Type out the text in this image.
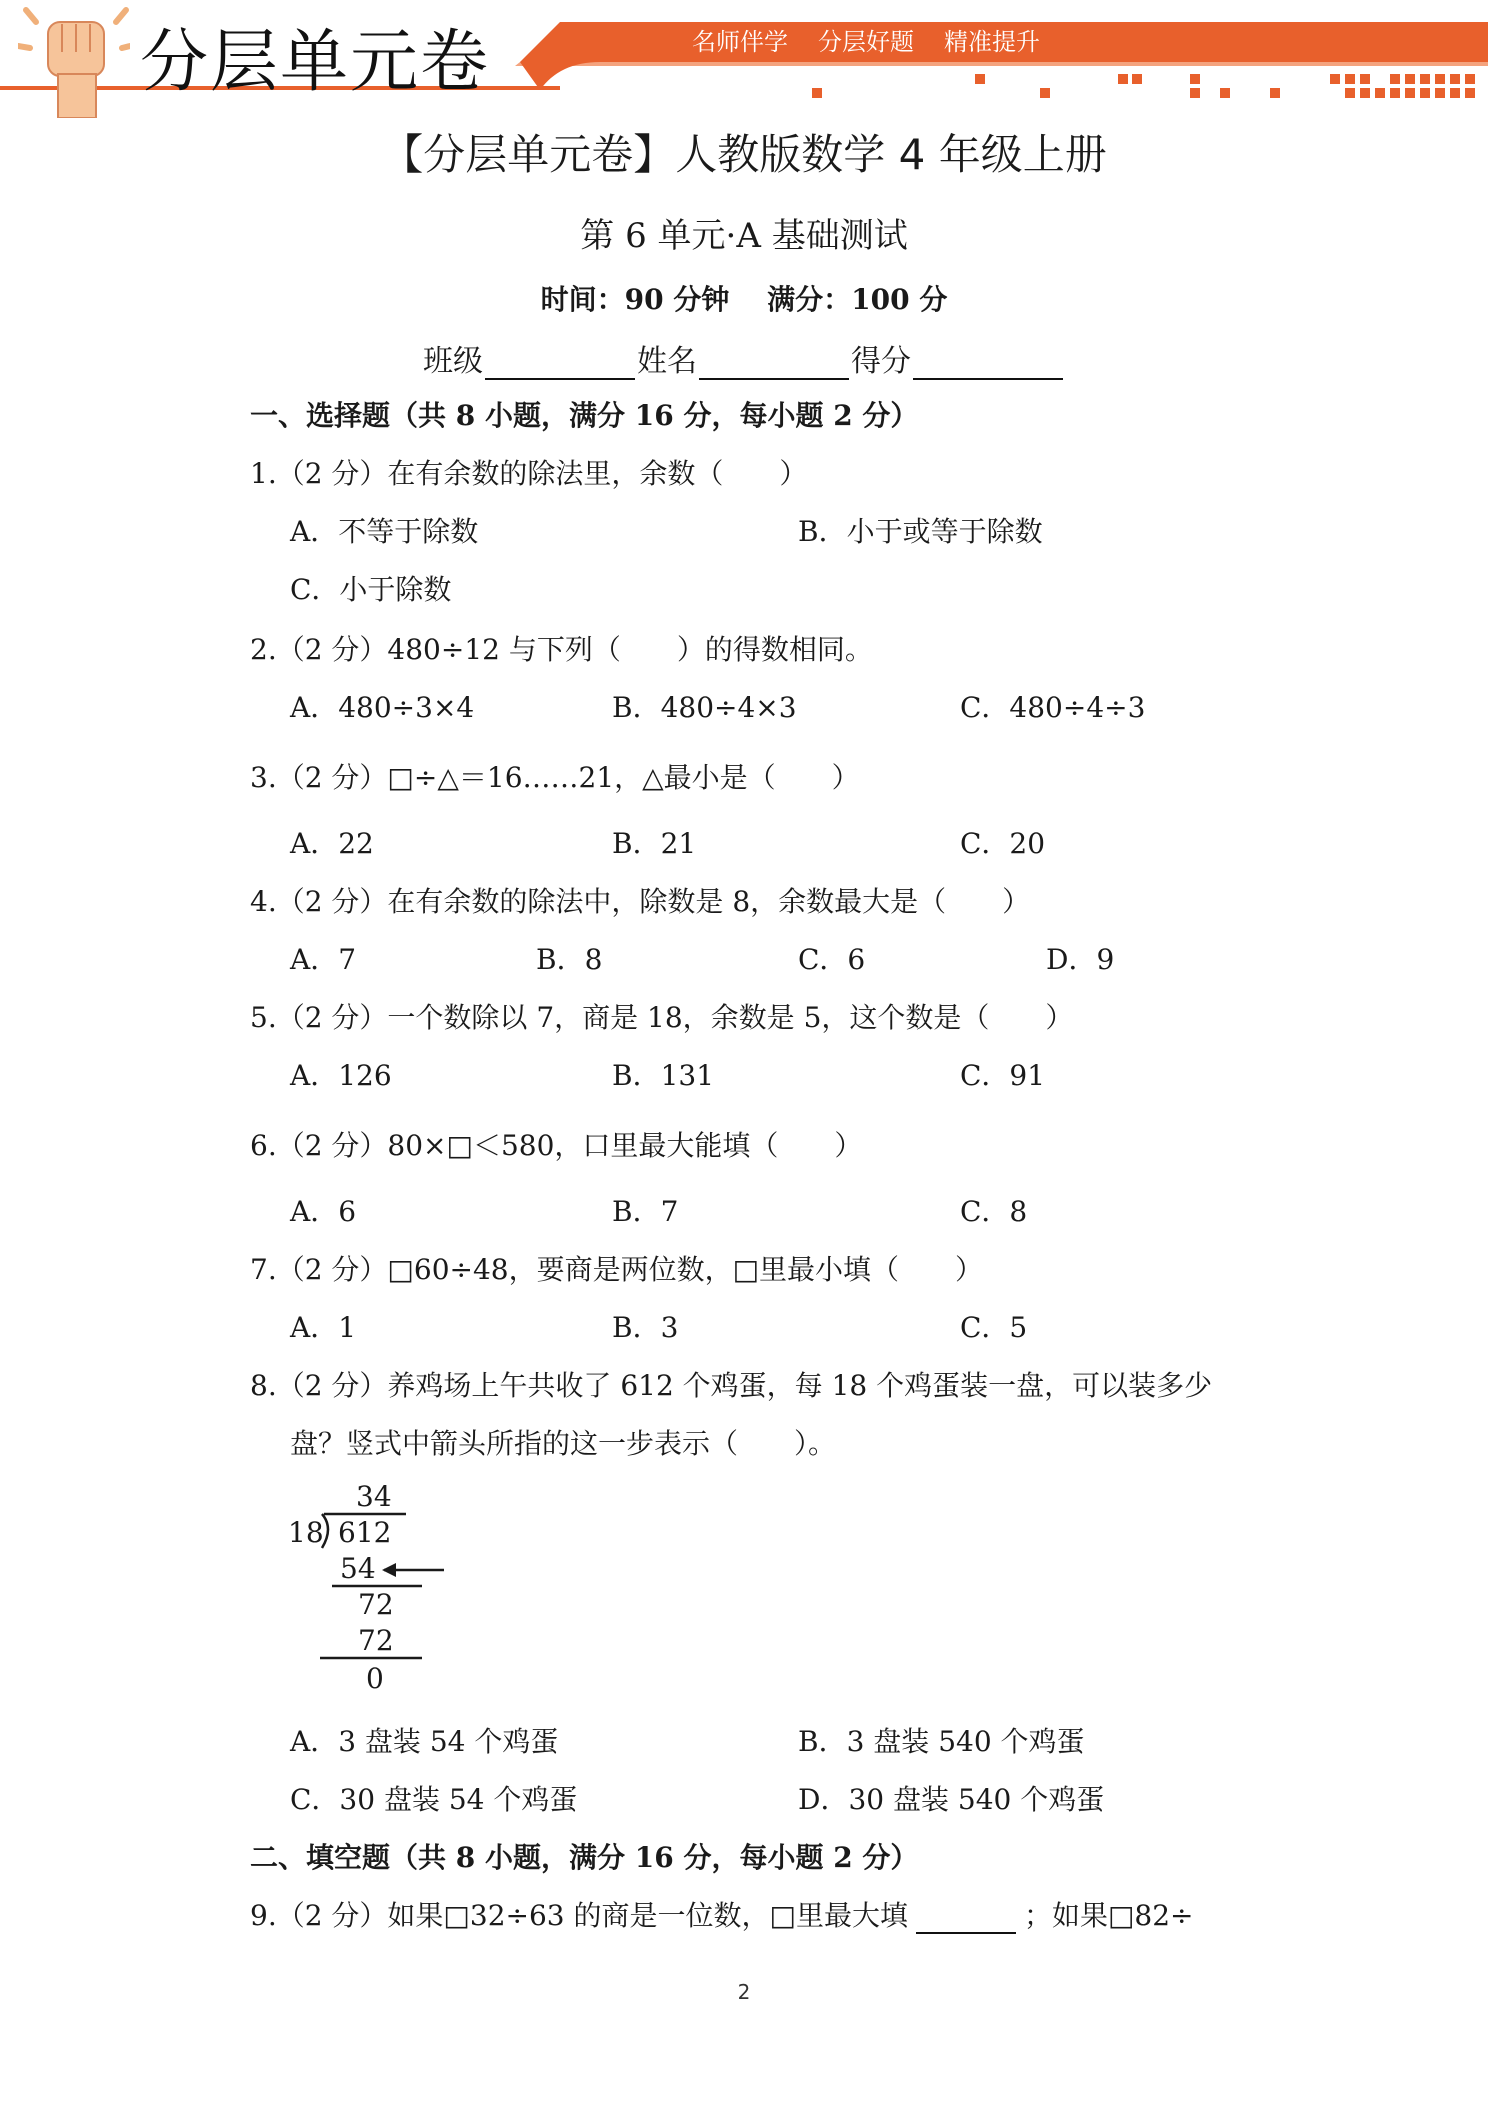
分层单元卷	名师伴学 分层好题 精准提升
【分层单元卷】人教版数学 4 年级上册
第 6 单元·A 基础测试
时间：90 分钟 满分：100 分
班级	姓名	得分
一、选择题（共 8 小题，满分 16 分，每小题 2 分）
1.（2 分）在有余数的除法里，余数（　　）
A．不等于除数	B．小于或等于除数
C．小于除数
2.（2 分）480÷12 与下列（　　）的得数相同。
A．480÷3×4	B．480÷4×3	C．480÷4÷3
3.（2 分）□÷△＝16……21，△最小是（　　）
A．22	B．21	C．20
4.（2 分）在有余数的除法中，除数是 8，余数最大是（　　）
A．7	B．8	C．6	D．9
5.（2 分）一个数除以 7，商是 18，余数是 5，这个数是（　　）
A．126	B．131	C．91
6.（2 分）80×□＜580，口里最大能填（　　）
A．6	B．7	C．8
7.（2 分）□60÷48，要商是两位数，□里最小填（　　）
A．1	B．3	C．5
8.（2 分）养鸡场上午共收了 612 个鸡蛋，每 18 个鸡蛋装一盘，可以装多少
盘？竖式中箭头所指的这一步表示（　　）。
34
18 612
54
72
72
0
A．3 盘装 54 个鸡蛋	B．3 盘装 540 个鸡蛋
C．30 盘装 54 个鸡蛋	D．30 盘装 540 个鸡蛋
二、填空题（共 8 小题，满分 16 分，每小题 2 分）
9.（2 分）如果□32÷63 的商是一位数，□里最大填	；如果□82÷
2
